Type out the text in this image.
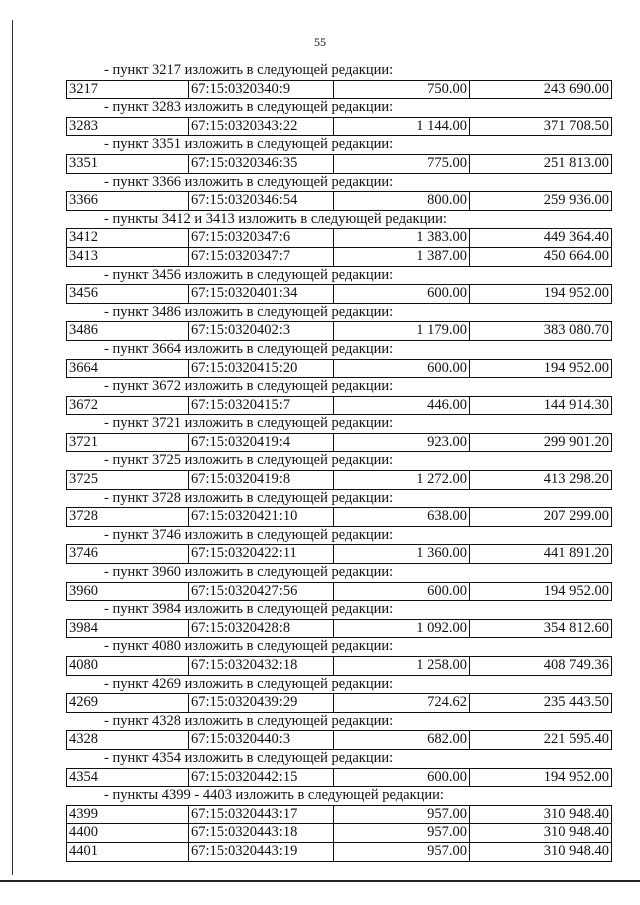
55
- пункт 3217 изложить в следующей редакции:
3217	67:15:0320340:9	750.00	243 690.00
- пункт 3283 изложить в следующей редакции:
3283	67:15:0320343:22	1 144.00	371 708.50
- пункт 3351 изложить в следующей редакции:
3351	67:15:0320346:35	775.00	251 813.00
- пункт 3366 изложить в следующей редакции:
3366	67:15:0320346:54	800.00	259 936.00
- пункты 3412 и 3413 изложить в следующей редакции:
3412	67:15:0320347:6	1 383.00	449 364.40
3413	67:15:0320347:7	1 387.00	450 664.00
- пункт 3456 изложить в следующей редакции:
3456	67:15:0320401:34	600.00	194 952.00
- пункт 3486 изложить в следующей редакции:
3486	67:15:0320402:3	1 179.00	383 080.70
- пункт 3664 изложить в следующей редакции:
3664	67:15:0320415:20	600.00	194 952.00
- пункт 3672 изложить в следующей редакции:
3672	67:15:0320415:7	446.00	144 914.30
- пункт 3721 изложить в следующей редакции:
3721	67:15:0320419:4	923.00	299 901.20
- пункт 3725 изложить в следующей редакции:
3725	67:15:0320419:8	1 272.00	413 298.20
- пункт 3728 изложить в следующей редакции:
3728	67:15:0320421:10	638.00	207 299.00
- пункт 3746 изложить в следующей редакции:
3746	67:15:0320422:11	1 360.00	441 891.20
- пункт 3960 изложить в следующей редакции:
3960	67:15:0320427:56	600.00	194 952.00
- пункт 3984 изложить в следующей редакции:
3984	67:15:0320428:8	1 092.00	354 812.60
- пункт 4080 изложить в следующей редакции:
4080	67:15:0320432:18	1 258.00	408 749.36
- пункт 4269 изложить в следующей редакции:
4269	67:15:0320439:29	724.62	235 443.50
- пункт 4328 изложить в следующей редакции:
4328	67:15:0320440:3	682.00	221 595.40
- пункт 4354 изложить в следующей редакции:
4354	67:15:0320442:15	600.00	194 952.00
- пункты 4399 - 4403 изложить в следующей редакции:
4399	67:15:0320443:17	957.00	310 948.40
4400	67:15:0320443:18	957.00	310 948.40
4401	67:15:0320443:19	957.00	310 948.40
